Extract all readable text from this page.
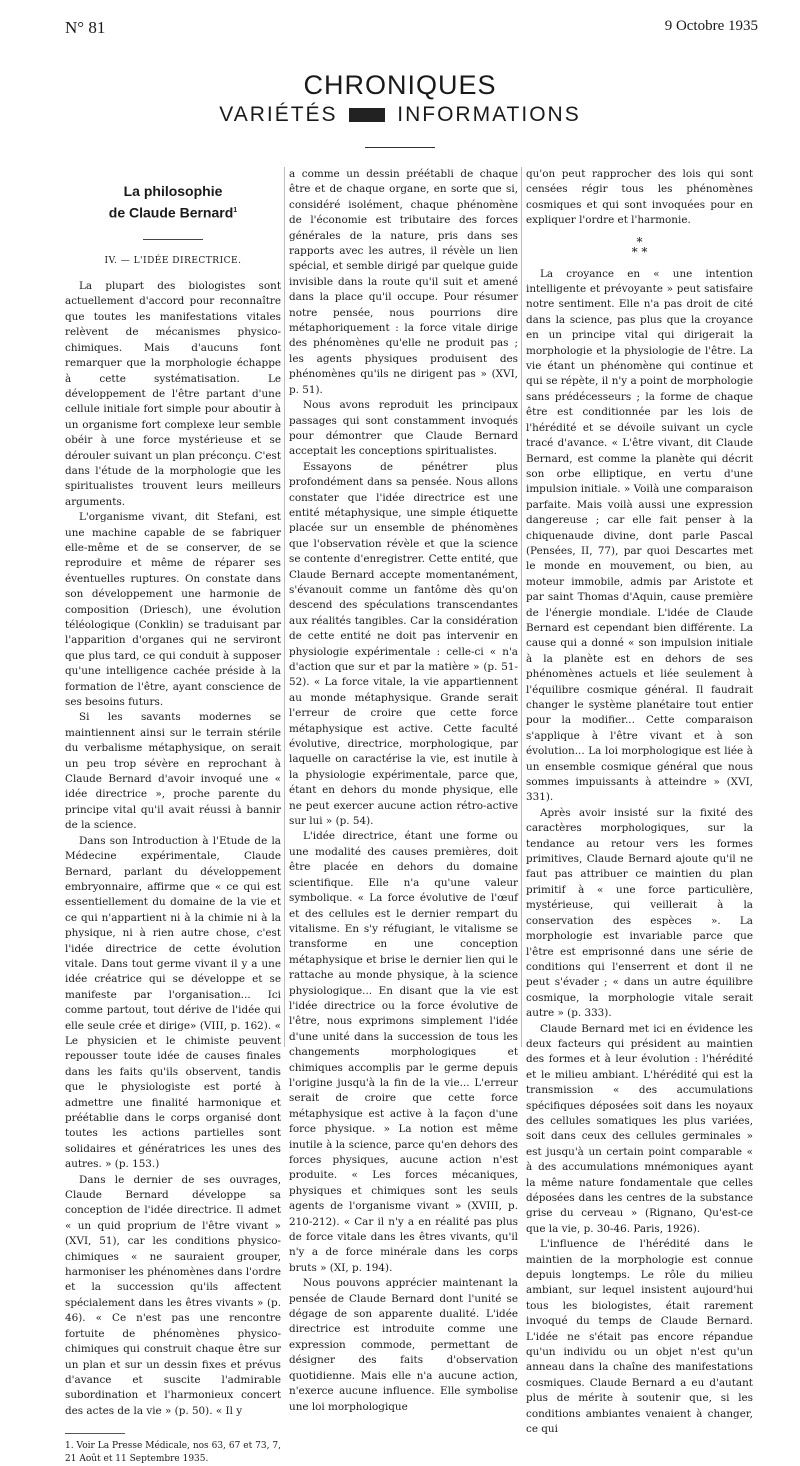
N° 81	9 Octobre 1935
CHRONIQUES
VARIÉTÉS	INFORMATIONS
La philosophie
de Claude Bernard$^1$
IV. — L'IDÉE DIRECTRICE.

La plupart des biologistes sont actuellement d'accord pour reconnaître que toutes les manifestations vitales relèvent de mécanismes physico-chimiques. Mais d'aucuns font remarquer que la morphologie échappe à cette systématisation. Le développement de l'être partant d'une cellule initiale fort simple pour aboutir à un organisme fort complexe leur semble obéir à une force mystérieuse et se dérouler suivant un plan préconçu. C'est dans l'étude de la morphologie que les spiritualistes trouvent leurs meilleurs arguments.

L'organisme vivant, dit Stefani, est une machine capable de se fabriquer elle-même et de se conserver, de se reproduire et même de réparer ses éventuelles ruptures. On constate dans son développement une harmonie de composition (Driesch), une évolution téléologique (Conklin) se traduisant par l'apparition d'organes qui ne serviront que plus tard, ce qui conduit à supposer qu'une intelligence cachée préside à la formation de l'être, ayant conscience de ses besoins futurs.

Si les savants modernes se maintiennent ainsi sur le terrain stérile du verbalisme métaphysique, on serait un peu trop sévère en reprochant à Claude Bernard d'avoir invoqué une « idée directrice », proche parente du principe vital qu'il avait réussi à bannir de la science.

Dans son Introduction à l'Etude de la Médecine expérimentale, Claude Bernard, parlant du développement embryonnaire, affirme que « ce qui est essentiellement du domaine de la vie et ce qui n'appartient ni à la chimie ni à la physique, ni à rien autre chose, c'est l'idée directrice de cette évolution vitale. Dans tout germe vivant il y a une idée créatrice qui se développe et se manifeste par l'organisation... Ici comme partout, tout dérive de l'idée qui elle seule crée et dirige» (VIII, p. 162). « Le physicien et le chimiste peuvent repousser toute idée de causes finales dans les faits qu'ils observent, tandis que le physiologiste est porté à admettre une finalité harmonique et préétablie dans le corps organisé dont toutes les actions partielles sont solidaires et génératrices les unes des autres. » (p. 153.)

Dans le dernier de ses ouvrages, Claude Bernard développe sa conception de l'idée directrice. Il admet « un quid proprium de l'être vivant » (XVI, 51), car les conditions physico-chimiques « ne sauraient grouper, harmoniser les phénomènes dans l'ordre et la succession qu'ils affectent spécialement dans les êtres vivants » (p. 46). « Ce n'est pas une rencontre fortuite de phénomènes physico-chimiques qui construit chaque être sur un plan et sur un dessin fixes et prévus d'avance et suscite l'admirable subordination et l'harmonieux concert des actes de la vie » (p. 50). « Il y

1. Voir La Presse Médicale, nos 63, 67 et 73, 7, 21 Août et 11 Septembre 1935.

a comme un dessin préétabli de chaque être et de chaque organe, en sorte que si, considéré isolément, chaque phénomène de l'économie est tributaire des forces générales de la nature, pris dans ses rapports avec les autres, il révèle un lien spécial, et semble dirigé par quelque guide invisible dans la route qu'il suit et amené dans la place qu'il occupe. Pour résumer notre pensée, nous pourrions dire métaphoriquement : la force vitale dirige des phénomènes qu'elle ne produit pas ; les agents physiques produisent des phénomènes qu'ils ne dirigent pas » (XVI, p. 51).

Nous avons reproduit les principaux passages qui sont constamment invoqués pour démontrer que Claude Bernard acceptait les conceptions spiritualistes.

Essayons de pénétrer plus profondément dans sa pensée. Nous allons constater que l'idée directrice est une entité métaphysique, une simple étiquette placée sur un ensemble de phénomènes que l'observation révèle et que la science se contente d'enregistrer. Cette entité, que Claude Bernard accepte momentanément, s'évanouit comme un fantôme dès qu'on descend des spéculations transcendantes aux réalités tangibles. Car la considération de cette entité ne doit pas intervenir en physiologie expérimentale : celle-ci « n'a d'action que sur et par la matière » (p. 51-52). « La force vitale, la vie appartiennent au monde métaphysique. Grande serait l'erreur de croire que cette force métaphysique est active. Cette faculté évolutive, directrice, morphologique, par laquelle on caractérise la vie, est inutile à la physiologie expérimentale, parce que, étant en dehors du monde physique, elle ne peut exercer aucune action rétro-active sur lui » (p. 54).

L'idée directrice, étant une forme ou une modalité des causes premières, doit être placée en dehors du domaine scientifique. Elle n'a qu'une valeur symbolique. « La force évolutive de l'œuf et des cellules est le dernier rempart du vitalisme. En s'y réfugiant, le vitalisme se transforme en une conception métaphysique et brise le dernier lien qui le rattache au monde physique, à la science physiologique... En disant que la vie est l'idée directrice ou la force évolutive de l'être, nous exprimons simplement l'idée d'une unité dans la succession de tous les changements morphologiques et chimiques accomplis par le germe depuis l'origine jusqu'à la fin de la vie... L'erreur serait de croire que cette force métaphysique est active à la façon d'une force physique. » La notion est même inutile à la science, parce qu'en dehors des forces physiques, aucune action n'est produite. « Les forces mécaniques, physiques et chimiques sont les seuls agents de l'organisme vivant » (XVIII, p. 210-212). « Car il n'y a en réalité pas plus de force vitale dans les êtres vivants, qu'il n'y a de force minérale dans les corps bruts » (XI, p. 194).

Nous pouvons apprécier maintenant la pensée de Claude Bernard dont l'unité se dégage de son apparente dualité. L'idée directrice est introduite comme une expression commode, permettant de désigner des faits d'observation quotidienne. Mais elle n'a aucune action, n'exerce aucune influence. Elle symbolise une loi morphologique

qu'on peut rapprocher des lois qui sont censées régir tous les phénomènes cosmiques et qui sont invoquées pour en expliquer l'ordre et l'harmonie.

*
* *

La croyance en « une intention intelligente et prévoyante » peut satisfaire notre sentiment. Elle n'a pas droit de cité dans la science, pas plus que la croyance en un principe vital qui dirigerait la morphologie et la physiologie de l'être. La vie étant un phénomène qui continue et qui se répète, il n'y a point de morphologie sans prédécesseurs ; la forme de chaque être est conditionnée par les lois de l'hérédité et se dévoile suivant un cycle tracé d'avance. « L'être vivant, dit Claude Bernard, est comme la planète qui décrit son orbe elliptique, en vertu d'une impulsion initiale. » Voilà une comparaison parfaite. Mais voilà aussi une expression dangereuse ; car elle fait penser à la chiquenaude divine, dont parle Pascal (Pensées, II, 77), par quoi Descartes met le monde en mouvement, ou bien, au moteur immobile, admis par Aristote et par saint Thomas d'Aquin, cause première de l'énergie mondiale. L'idée de Claude Bernard est cependant bien différente. La cause qui a donné « son impulsion initiale à la planète est en dehors de ses phénomènes actuels et liée seulement à l'équilibre cosmique général. Il faudrait changer le système planétaire tout entier pour la modifier... Cette comparaison s'applique à l'être vivant et à son évolution... La loi morphologique est liée à un ensemble cosmique général que nous sommes impuissants à atteindre » (XVI, 331).

Après avoir insisté sur la fixité des caractères morphologiques, sur la tendance au retour vers les formes primitives, Claude Bernard ajoute qu'il ne faut pas attribuer ce maintien du plan primitif à « une force particulière, mystérieuse, qui veillerait à la conservation des espèces ». La morphologie est invariable parce que l'être est emprisonné dans une série de conditions qui l'enserrent et dont il ne peut s'évader ; « dans un autre équilibre cosmique, la morphologie vitale serait autre » (p. 333).

Claude Bernard met ici en évidence les deux facteurs qui président au maintien des formes et à leur évolution : l'hérédité et le milieu ambiant. L'hérédité qui est la transmission « des accumulations spécifiques déposées soit dans les noyaux des cellules somatiques les plus variées, soit dans ceux des cellules germinales » est jusqu'à un certain point comparable « à des accumulations mnémoniques ayant la même nature fondamentale que celles déposées dans les centres de la substance grise du cerveau » (Rignano, Qu'est-ce que la vie, p. 30-46. Paris, 1926).

L'influence de l'hérédité dans le maintien de la morphologie est connue depuis longtemps. Le rôle du milieu ambiant, sur lequel insistent aujourd'hui tous les biologistes, était rarement invoqué du temps de Claude Bernard. L'idée ne s'était pas encore répandue qu'un individu ou un objet n'est qu'un anneau dans la chaîne des manifestations cosmiques. Claude Bernard a eu d'autant plus de mérite à soutenir que, si les conditions ambiantes venaient à changer, ce qui
